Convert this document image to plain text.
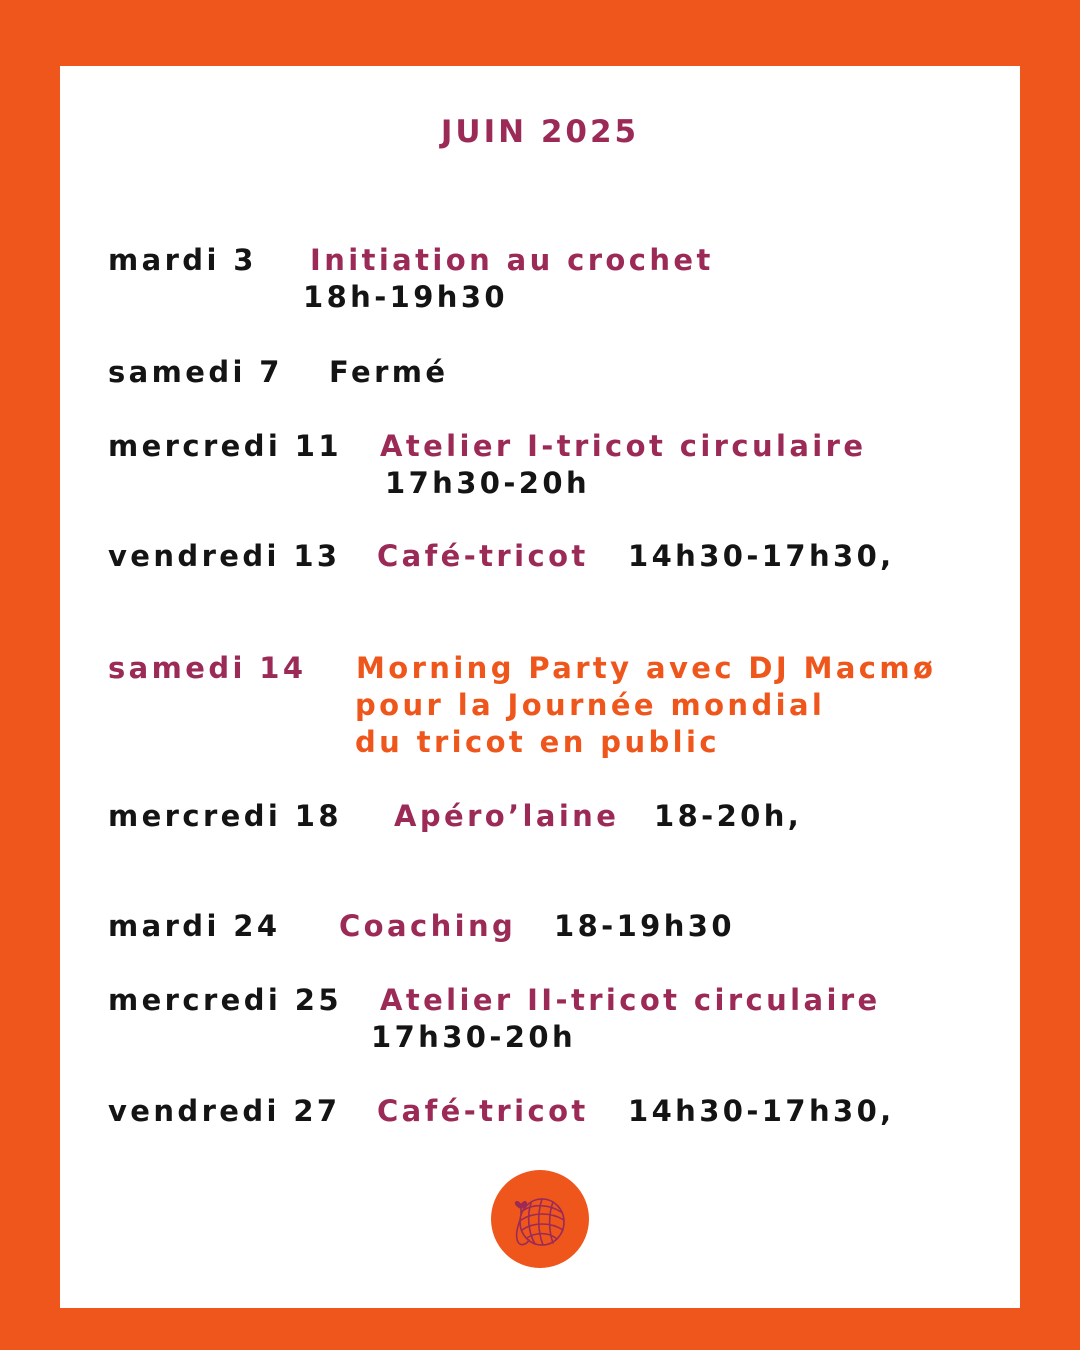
JUIN 2025
mardi 3 Initiation au crochet
18h-19h30
samedi 7 Fermé
mercredi 11 Atelier I-tricot circulaire
17h30-20h
vendredi 13 Café-tricot 14h30-17h30,
samedi 14 Morning Party avec DJ Macmø
pour la Journée mondial
du tricot en public
mercredi 18 Apéro’laine 18-20h,
mardi 24 Coaching 18-19h30
mercredi 25 Atelier II-tricot circulaire
17h30-20h
vendredi 27 Café-tricot 14h30-17h30,
